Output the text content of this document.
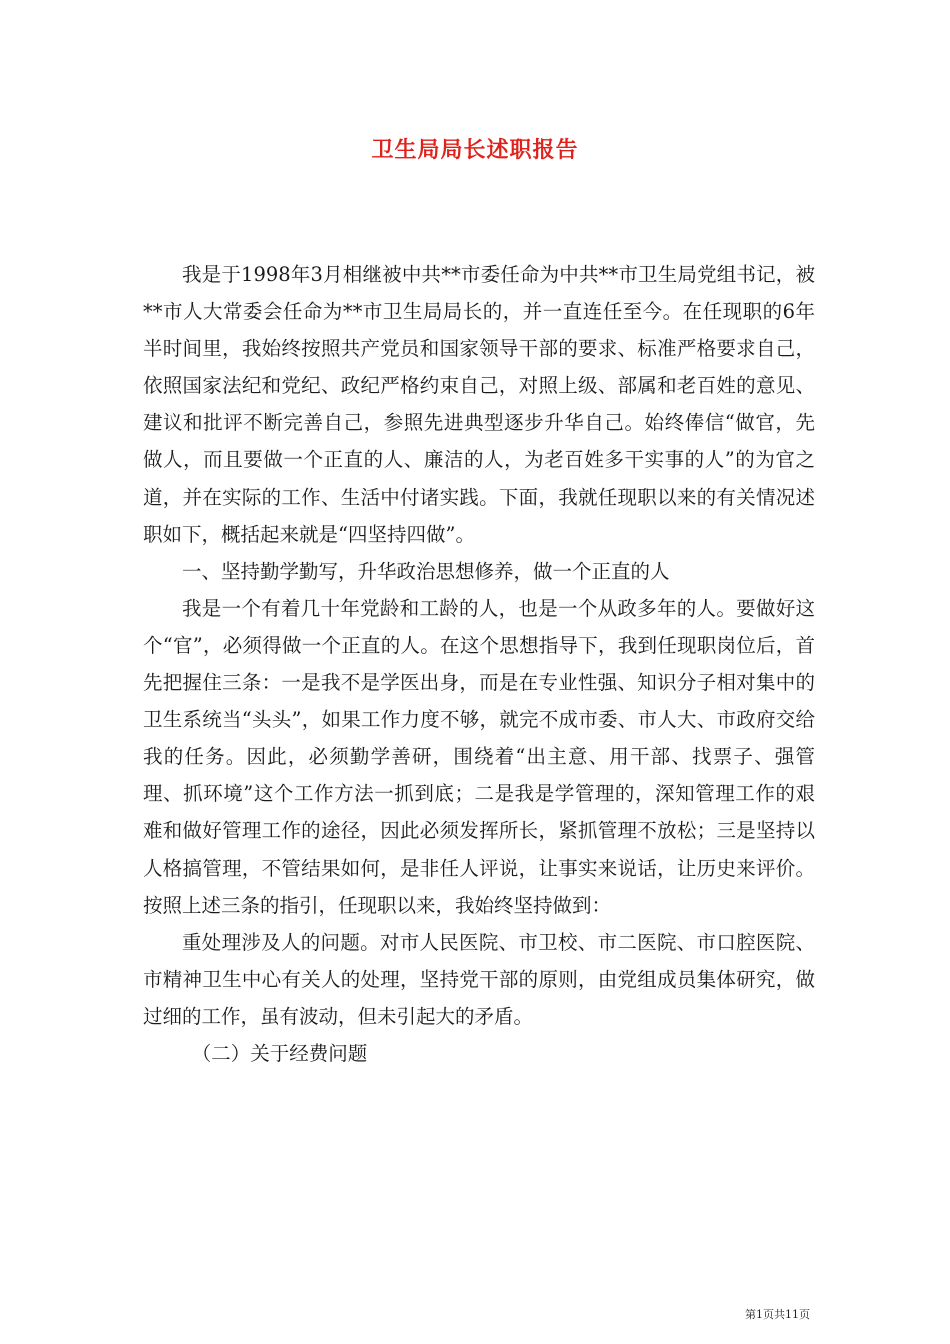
卫生局局长述职报告

我是于1998年3月相继被中共**市委任命为中共**市卫生局党组书记，被**市人大常委会任命为**市卫生局局长的，并一直连任至今。在任现职的6年半时间里，我始终按照共产党员和国家领导干部的要求、标准严格要求自己，依照国家法纪和党纪、政纪严格约束自己，对照上级、部属和老百姓的意见、建议和批评不断完善自己，参照先进典型逐步升华自己。始终俸信“做官，先做人，而且要做一个正直的人、廉洁的人，为老百姓多干实事的人”的为官之道，并在实际的工作、生活中付诸实践。下面，我就任现职以来的有关情况述职如下，概括起来就是“四坚持四做”。

一、坚持勤学勤写，升华政治思想修养，做一个正直的人

我是一个有着几十年党龄和工龄的人，也是一个从政多年的人。要做好这个“官”，必须得做一个正直的人。在这个思想指导下，我到任现职岗位后，首先把握住三条：一是我不是学医出身，而是在专业性强、知识分子相对集中的卫生系统当“头头”，如果工作力度不够，就完不成市委、市人大、市政府交给我的任务。因此，必须勤学善研，围绕着“出主意、用干部、找票子、强管理、抓环境”这个工作方法一抓到底；二是我是学管理的，深知管理工作的艰难和做好管理工作的途径，因此必须发挥所长，紧抓管理不放松；三是坚持以人格搞管理，不管结果如何，是非任人评说，让事实来说话，让历史来评价。按照上述三条的指引，任现职以来，我始终坚持做到：

重处理涉及人的问题。对市人民医院、市卫校、市二医院、市口腔医院、市精神卫生中心有关人的处理，坚持党干部的原则，由党组成员集体研究，做过细的工作，虽有波动，但未引起大的矛盾。

（二）关于经费问题

第1页共11页
